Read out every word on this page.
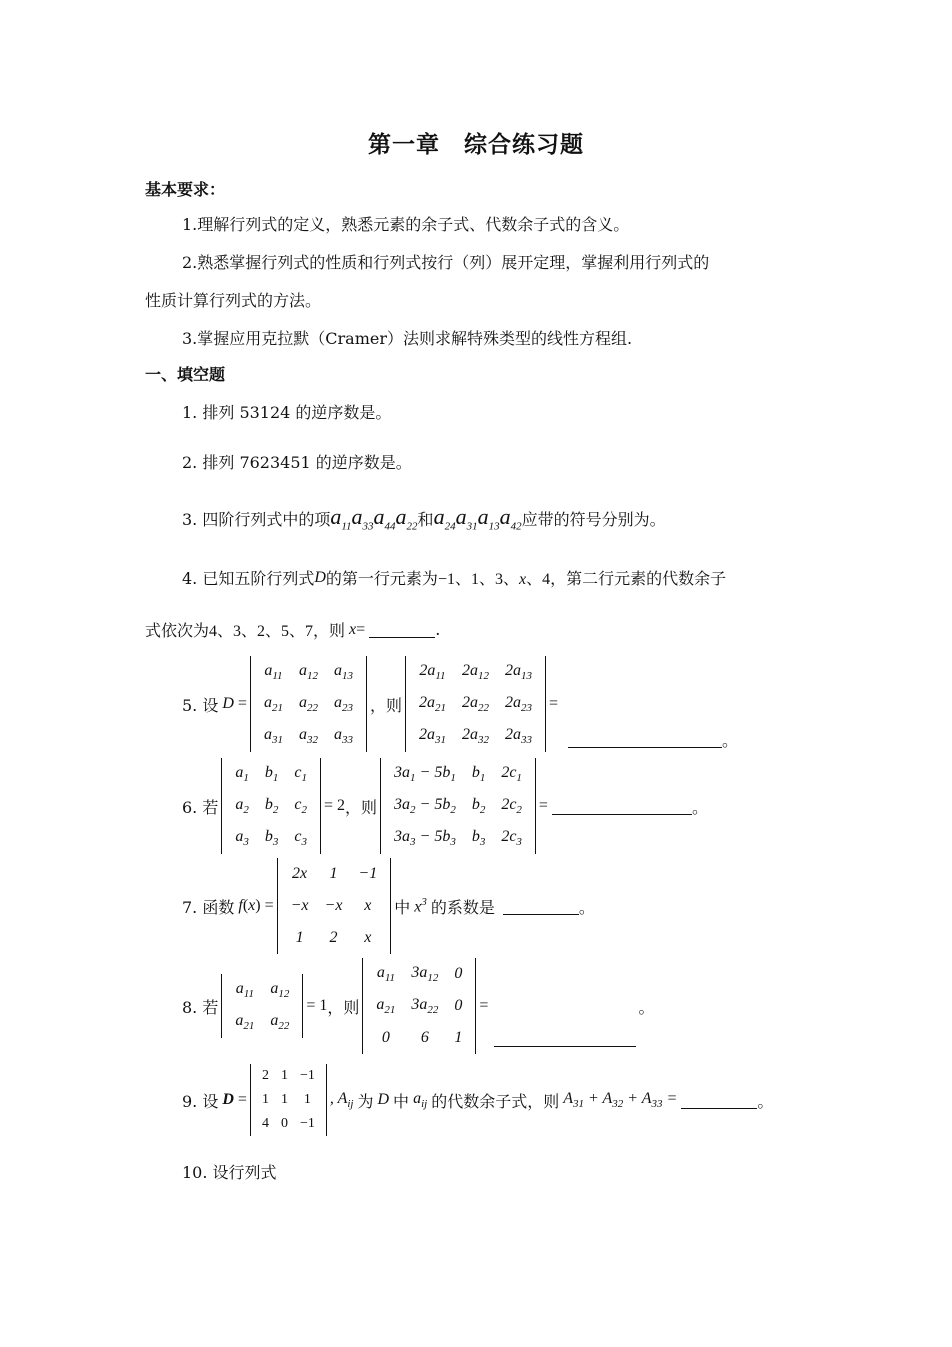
第一章　综合练习题
基本要求：
1.理解行列式的定义，熟悉元素的余子式、代数余子式的含义。
2.熟悉掌握行列式的性质和行列式按行（列）展开定理，掌握利用行列式的
性质计算行列式的方法。
3.掌握应用克拉默（Cramer）法则求解特殊类型的线性方程组.
一、填空题
1. 排列 53124 的逆序数是。
2. 排列 7623451 的逆序数是。
3. 四阶行列式中的项 $a_{11}a_{33}a_{44}a_{22}$ 和 $a_{24}a_{31}a_{13}a_{42}$ 应带的符号分别为。
4. 已知五阶行列式 D 的第一行元素为 −1、1、3、x、4 ，第二行元素的代数余子
式依次为 4、3、2、5、7 ，则 x =	.
5. 设 D =
$a_{11}$	$a_{12}$	$a_{13}$
$a_{21}$	$a_{22}$	$a_{23}$
$a_{31}$	$a_{32}$	$a_{33}$
，则
$2a_{11}$	$2a_{12}$	$2a_{13}$
$2a_{21}$	$2a_{22}$	$2a_{23}$
$2a_{31}$	$2a_{32}$	$2a_{33}$
=
。
6. 若
$a_1$	$b_1$	$c_1$
$a_2$	$b_2$	$c_2$
$a_3$	$b_3$	$c_3$
= 2 ，则
$3a_1 - 5b_1$	$b_1$	$2c_1$
$3a_2 - 5b_2$	$b_2$	$2c_2$
$3a_3 - 5b_3$	$b_3$	$2c_3$
=	。
7. 函数 f (x) =
2x	1	−1
−x	−x	x
1	2	x
中 $x^3$ 的系数是	。
8. 若
$a_{11}$	$a_{12}$
$a_{21}$	$a_{22}$
= 1 ，则
$a_{11}$	$3a_{12}$	0
$a_{21}$	$3a_{22}$	0
0	6	1
=	。
9. 设 D =
2	1	−1
1	1	1
4	0	−1
, $A_{ij}$ 为 D 中 $a_{ij}$ 的代数余子式，则 $A_{31} + A_{32} + A_{33}$ =	。
10. 设行列式
